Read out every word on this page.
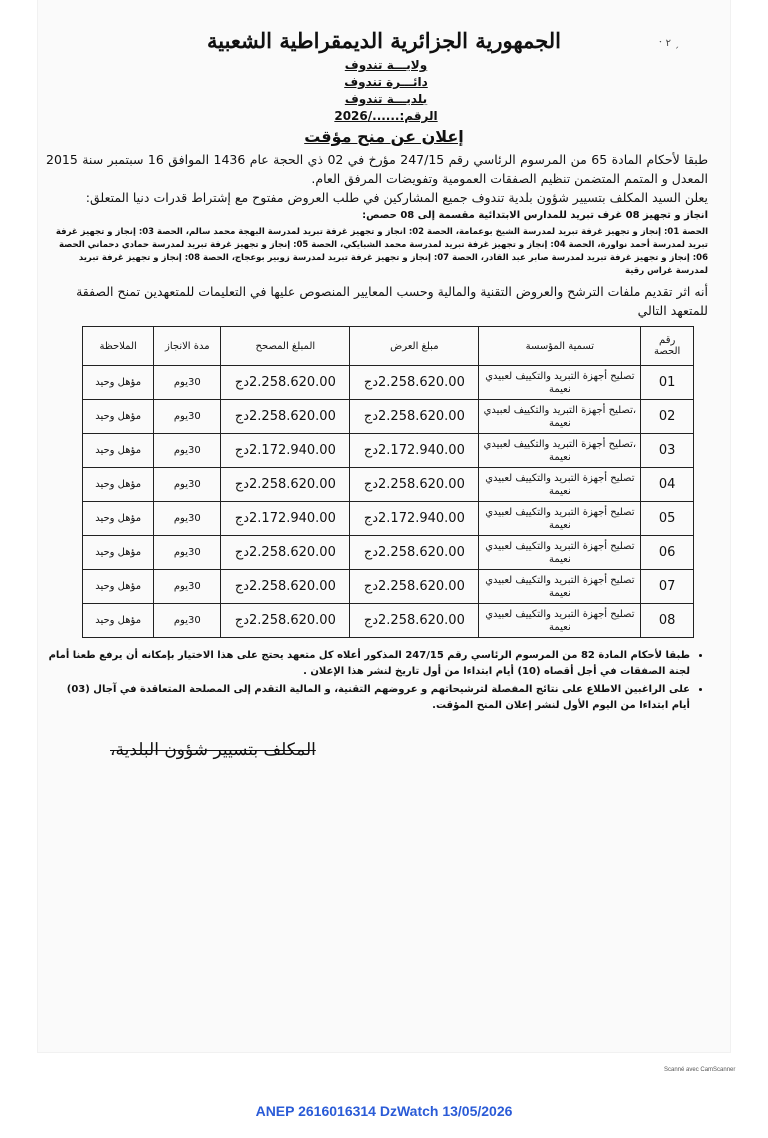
ˑ ٢ ˏ
الجمهورية الجزائرية الديمقراطية الشعبية
ولايـــة تندوف
دائـــرة تندوف
بلديـــة تندوف
الرقم:....../2026
إعلان عن منح مؤقت

طبقا لأحكام المادة 65 من المرسوم الرئاسي رقم 247/15 مؤرخ في 02 ذي الحجة عام 1436 الموافق 16 سبتمبر سنة 2015 المعدل و المتمم المتضمن تنظيم الصفقات العمومية وتفويضات المرفق العام.

يعلن السيد المكلف بتسيير شؤون بلدية تندوف جميع المشاركين في طلب العروض مفتوح مع إشتراط قدرات دنيا المتعلق:

انجاز و تجهيز 08 غرف تبريد للمدارس الابتدائية مقسمة إلى 08 حصص:

الحصة 01: إنجاز و تجهيز غرفة تبريد لمدرسة الشيخ بوعمامة، الحصة 02: انجاز و تجهيز غرفة تبريد لمدرسة البهجة محمد سالم، الحصة 03: إنجاز و تجهيز غرفة تبريد لمدرسة أحمد نواورة، الحصة 04: إنجاز و تجهيز غرفة تبريد لمدرسة محمد الشبايكي، الحصة 05: إنجاز و تجهيز غرفة تبريد لمدرسة حمادي دحماني الحصة 06: إنجاز و تجهيز غرفة تبريد لمدرسة صابر عبد القادر، الحصة 07: إنجاز و تجهيز غرفة تبريد لمدرسة زوبير بوعجاج، الحصة 08: إنجاز و تجهيز غرفة تبريد لمدرسة غراس رقية

أنه اثر تقديم ملفات الترشح والعروض التقنية والمالية وحسب المعايير المنصوص عليها في التعليمات للمتعهدين تمنح الصفقة للمتعهد التالي

رقم الحصة	تسمية المؤسسة	مبلغ العرض	المبلغ المصحح	مدة الانجاز	الملاحظة
01	تصليح أجهزة التبريد والتكييف لعبيدي نعيمة	2.258.620.00دج	2.258.620.00دج	30يوم	مؤهل وحيد
02	،تصليح أجهزة التبريد والتكييف لعبيدي نعيمة	2.258.620.00دج	2.258.620.00دج	30يوم	مؤهل وحيد
03	،تصليح أجهزة التبريد والتكييف لعبيدي نعيمة	2.172.940.00دج	2.172.940.00دج	30يوم	مؤهل وحيد
04	تصليح أجهزة التبريد والتكييف لعبيدي نعيمة	2.258.620.00دج	2.258.620.00دج	30يوم	مؤهل وحيد
05	تصليح أجهزة التبريد والتكييف لعبيدي نعيمة	2.172.940.00دج	2.172.940.00دج	30يوم	مؤهل وحيد
06	تصليح أجهزة التبريد والتكييف لعبيدي نعيمة	2.258.620.00دج	2.258.620.00دج	30يوم	مؤهل وحيد
07	تصليح أجهزة التبريد والتكييف لعبيدي نعيمة	2.258.620.00دج	2.258.620.00دج	30يوم	مؤهل وحيد
08	تصليح أجهزة التبريد والتكييف لعبيدي نعيمة	2.258.620.00دج	2.258.620.00دج	30يوم	مؤهل وحيد
• طبقا لأحكام المادة 82 من المرسوم الرئاسي رقم 247/15 المذكور أعلاه كل متعهد يحتج على هذا الاختيار بإمكانه أن يرفع طعنا أمام لجنة الصفقات في أجل أقصاه (10) أيام ابتداءا من أول تاريخ لنشر هذا الإعلان .
• على الراغبين الاطلاع على نتائج المفصلة لترشيحاتهم و عروضهم التقنية، و المالية التقدم إلى المصلحة المتعاقدة في آجال (03) أيام ابتداءا من اليوم الأول لنشر إعلان المنح المؤقت.
المكلف بتسيير شؤون البلدية،
Scanné avec CamScanner
ANEP 2616016314 DzWatch 13/05/2026
